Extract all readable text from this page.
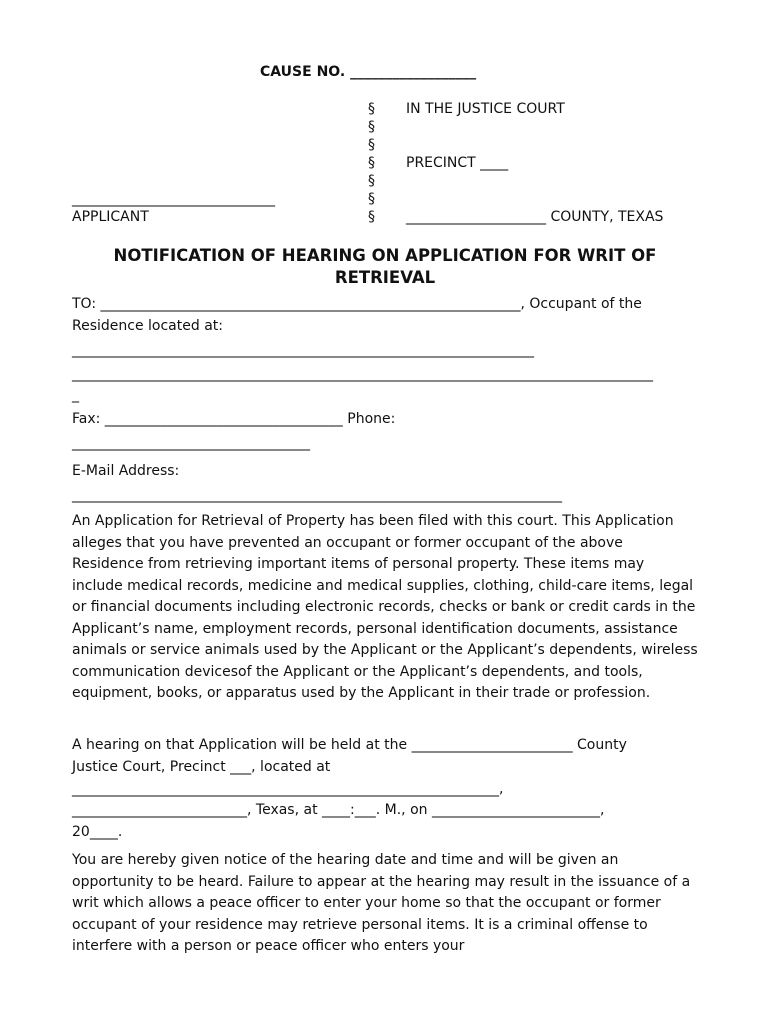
CAUSE NO. __________________
§
§
§
§
§
§
§
IN THE JUSTICE COURT
PRECINCT ____
____________________ COUNTY, TEXAS
_____________________________
APPLICANT
NOTIFICATION OF HEARING ON APPLICATION FOR WRIT OF
RETRIEVAL
TO: ____________________________________________________________, Occupant of the
Residence located at:
__________________________________________________________________
___________________________________________________________________________________
_
Fax: __________________________________ Phone:
__________________________________
E-Mail Address:
______________________________________________________________________
An Application for Retrieval of Property has been filed with this court. This Application alleges that you have prevented an occupant or former occupant of the above Residence from retrieving important items of personal property. These items may include medical records, medicine and medical supplies, clothing, child-care items, legal or financial documents including electronic records, checks or bank or credit cards in the Applicant’s name, employment records, personal identification documents, assistance animals or service animals used by the Applicant or the Applicant’s dependents, wireless communication devicesof the Applicant or the Applicant’s dependents, and tools, equipment, books, or apparatus used by the Applicant in their trade or profession.
A hearing on that Application will be held at the _______________________ County
Justice Court, Precinct ___, located at
_____________________________________________________________,
_________________________, Texas, at ____:___. M., on ________________________,
20____.
You are hereby given notice of the hearing date and time and will be given an opportunity to be heard. Failure to appear at the hearing may result in the issuance of a writ which allows a peace officer to enter your home so that the occupant or former occupant of your residence may retrieve personal items. It is a criminal offense to interfere with a person or peace officer who enters your
